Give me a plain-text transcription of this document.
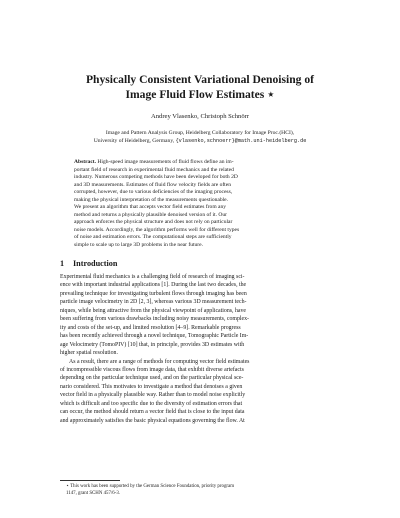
Physically Consistent Variational Denoising of
Image Fluid Flow Estimates ⋆
Andrey Vlasenko, Christoph Schnörr
Image and Pattern Analysis Group, Heidelberg Collaboratory for Image Proc.(HCI),
University of Heidelberg, Germany, {vlasenko,schnoerr}@math.uni-heidelberg.de
Abstract. High-speed image measurements of fluid flows define an im-
portant field of research in experimental fluid mechanics and the related
industry. Numerous competing methods have been developed for both 2D
and 3D measurements. Estimates of fluid flow velocity fields are often
corrupted, however, due to various deficiencies of the imaging process,
making the physical interpretation of the measurements questionable.
We present an algorithm that accepts vector field estimates from any
method and returns a physically plausible denoised version of it. Our
approach enforces the physical structure and does not rely on particular
noise models. Accordingly, the algorithm performs well for different types
of noise and estimation errors. The computational steps are sufficiently
simple to scale up to large 3D problems in the near future.
1 Introduction
Experimental fluid mechanics is a challenging field of research of imaging sci-
ence with important industrial applications [1]. During the last two decades, the
prevailing technique for investigating turbulent flows through imaging has been
particle image velocimetry in 2D [2, 3], whereas various 3D measurement tech-
niques, while being attractive from the physical viewpoint of applications, have
been suffering from various drawbacks including noisy measurements, complex-
ity and costs of the set-up, and limited resolution [4–9]. Remarkable progress
has been recently achieved through a novel technique, Tomographic Particle Im-
age Velocimetry (TomoPIV) [10] that, in principle, provides 3D estimates with
higher spatial resolution.
As a result, there are a range of methods for computing vector field estimates
of incompressible viscous flows from image data, that exhibit diverse artefacts
depending on the particular technique used, and on the particular physical sce-
nario considered. This motivates to investigate a method that denoises a given
vector field in a physically plausible way. Rather than to model noise explicitly
which is difficult and too specific due to the diversity of estimation errors that
can occur, the method should return a vector field that is close to the input data
and approximately satisfies the basic physical equations governing the flow. At
⋆ This work has been supported by the German Science Foundation, priority program
1147, grant SCHN 457/6-3.
